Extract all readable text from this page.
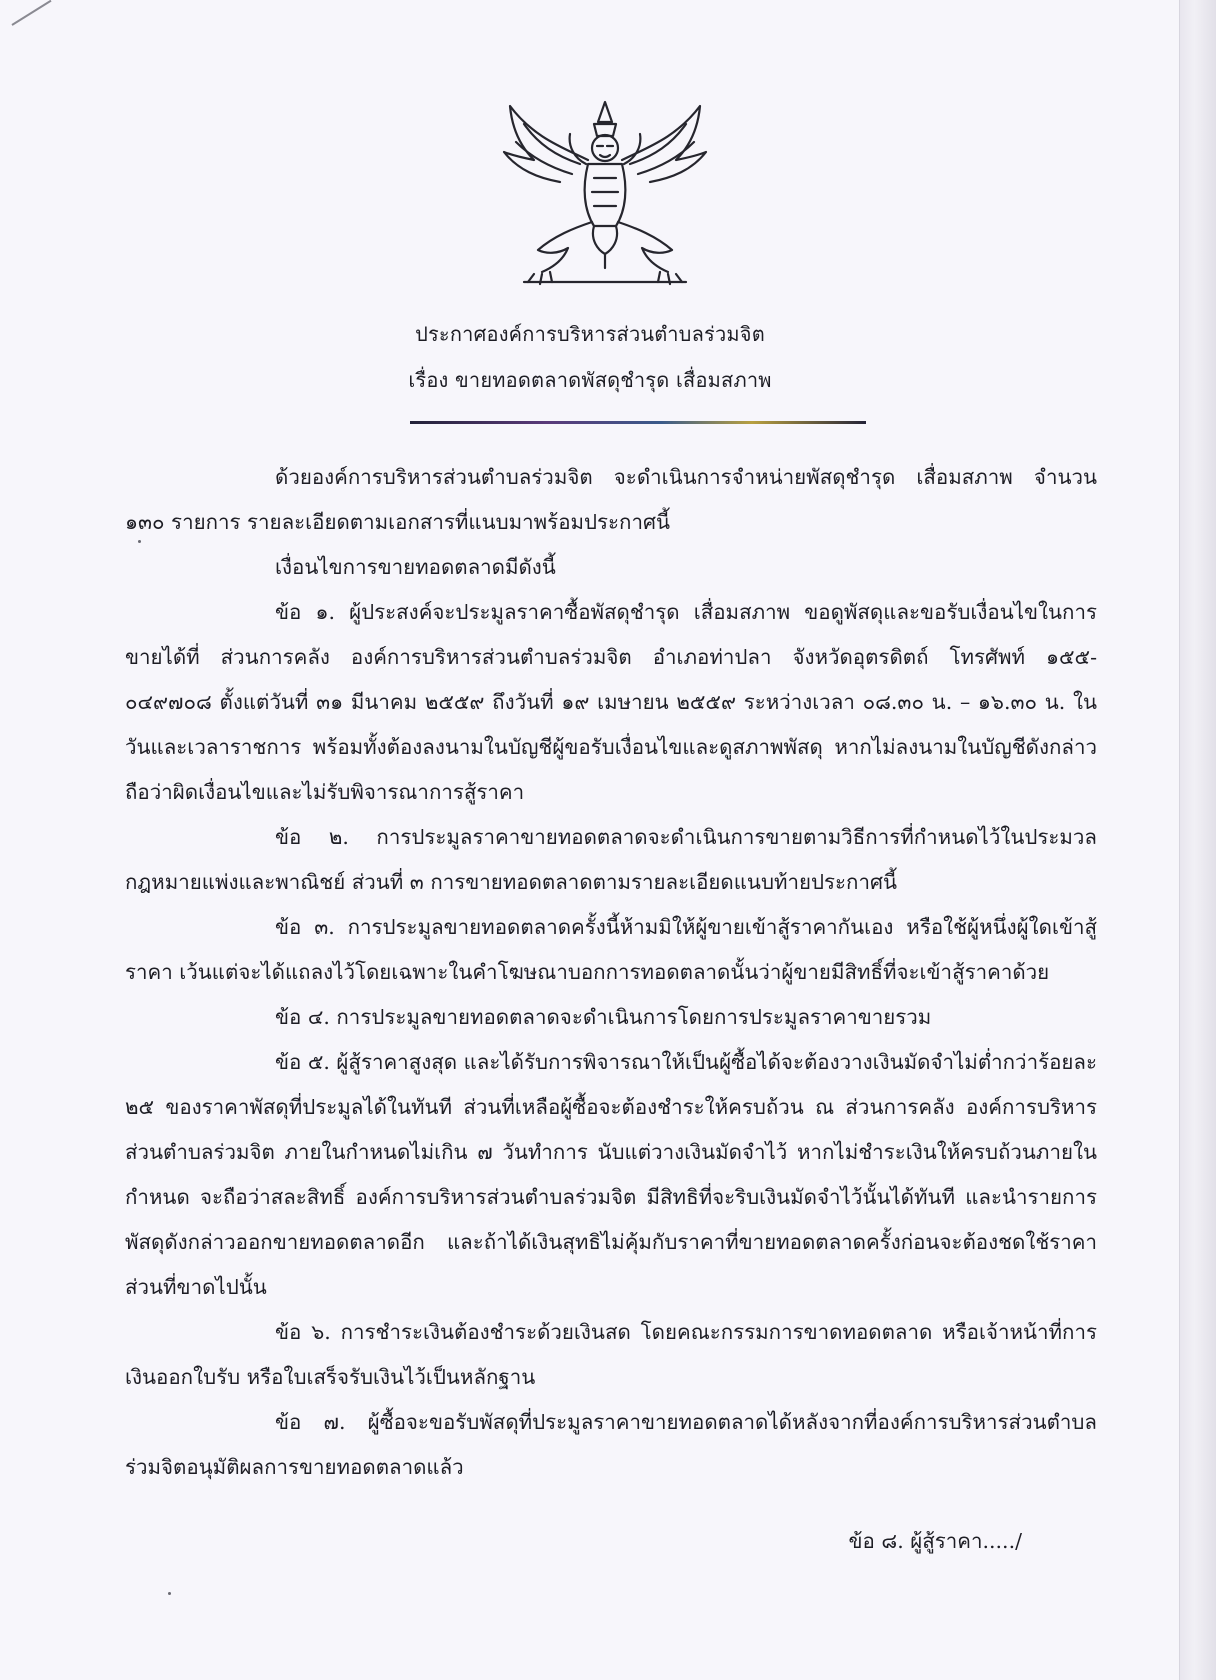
ประกาศองค์การบริหารส่วนตำบลร่วมจิต
เรื่อง ขายทอดตลาดพัสดุชำรุด เสื่อมสภาพ

ด้วยองค์การบริหารส่วนตำบลร่วมจิต จะดำเนินการจำหน่ายพัสดุชำรุด เสื่อมสภาพ จำนวน ๑๓๐ รายการ รายละเอียดตามเอกสารที่แนบมาพร้อมประกาศนี้

เงื่อนไขการขายทอดตลาดมีดังนี้

ข้อ ๑. ผู้ประสงค์จะประมูลราคาซื้อพัสดุชำรุด เสื่อมสภาพ ขอดูพัสดุและขอรับเงื่อนไขในการขายได้ที่ ส่วนการคลัง องค์การบริหารส่วนตำบลร่วมจิต อำเภอท่าปลา จังหวัดอุตรดิตถ์ โทรศัพท์ ๑๕๕- ๐๔๙๗๐๘ ตั้งแต่วันที่ ๓๑ มีนาคม ๒๕๕๙ ถึงวันที่ ๑๙ เมษายน ๒๕๕๙ ระหว่างเวลา ๐๘.๓๐ น. – ๑๖.๓๐ น. ในวันและเวลาราชการ พร้อมทั้งต้องลงนามในบัญชีผู้ขอรับเงื่อนไขและดูสภาพพัสดุ หากไม่ลงนามในบัญชีดังกล่าวถือว่าผิดเงื่อนไขและไม่รับพิจารณาการสู้ราคา

ข้อ ๒. การประมูลราคาขายทอดตลาดจะดำเนินการขายตามวิธีการที่กำหนดไว้ในประมวลกฎหมายแพ่งและพาณิชย์ ส่วนที่ ๓ การขายทอดตลาดตามรายละเอียดแนบท้ายประกาศนี้

ข้อ ๓. การประมูลขายทอดตลาดครั้งนี้ห้ามมิให้ผู้ขายเข้าสู้ราคากันเอง หรือใช้ผู้หนึ่งผู้ใดเข้าสู้ราคา เว้นแต่จะได้แถลงไว้โดยเฉพาะในคำโฆษณาบอกการทอดตลาดนั้นว่าผู้ขายมีสิทธิ์ที่จะเข้าสู้ราคาด้วย

ข้อ ๔. การประมูลขายทอดตลาดจะดำเนินการโดยการประมูลราคาขายรวม

ข้อ ๕. ผู้สู้ราคาสูงสุด และได้รับการพิจารณาให้เป็นผู้ซื้อได้จะต้องวางเงินมัดจำไม่ต่ำกว่าร้อยละ ๒๕ ของราคาพัสดุที่ประมูลได้ในทันที ส่วนที่เหลือผู้ซื้อจะต้องชำระให้ครบถ้วน ณ ส่วนการคลัง องค์การบริหารส่วนตำบลร่วมจิต ภายในกำหนดไม่เกิน ๗ วันทำการ นับแต่วางเงินมัดจำไว้ หากไม่ชำระเงินให้ครบถ้วนภายในกำหนด จะถือว่าสละสิทธิ์ องค์การบริหารส่วนตำบลร่วมจิต มีสิทธิที่จะริบเงินมัดจำไว้นั้นได้ทันที และนำรายการพัสดุดังกล่าวออกขายทอดตลาดอีก และถ้าได้เงินสุทธิไม่คุ้มกับราคาที่ขายทอดตลาดครั้งก่อนจะต้องชดใช้ราคาส่วนที่ขาดไปนั้น

ข้อ ๖. การชำระเงินต้องชำระด้วยเงินสด โดยคณะกรรมการขาดทอดตลาด หรือเจ้าหน้าที่การเงินออกใบรับ หรือใบเสร็จรับเงินไว้เป็นหลักฐาน

ข้อ ๗. ผู้ซื้อจะขอรับพัสดุที่ประมูลราคาขายทอดตลาดได้หลังจากที่องค์การบริหารส่วนตำบลร่วมจิตอนุมัติผลการขายทอดตลาดแล้ว

ข้อ ๘. ผู้สู้ราคา...../
